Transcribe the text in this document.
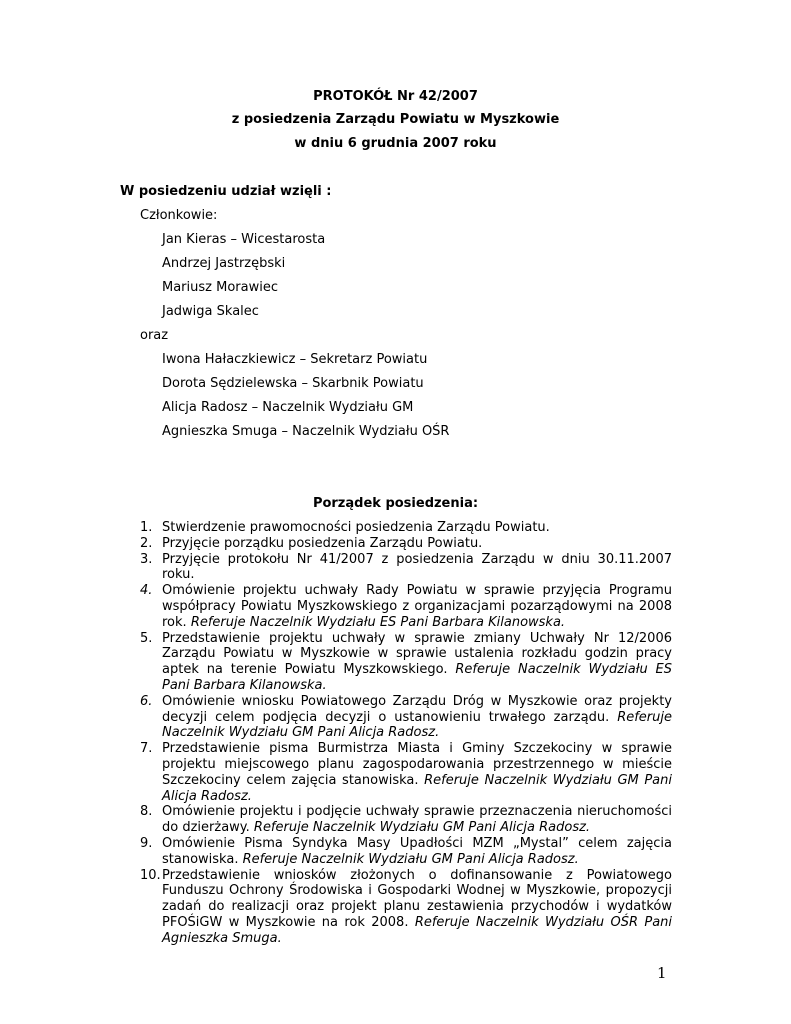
PROTOKÓŁ Nr 42/2007
z posiedzenia Zarządu Powiatu w Myszkowie
w dniu 6 grudnia 2007 roku
W posiedzeniu udział wzięli :
Członkowie:
Jan Kieras – Wicestarosta
Andrzej Jastrzębski
Mariusz Morawiec
Jadwiga Skalec
oraz
Iwona Hałaczkiewicz – Sekretarz Powiatu
Dorota Sędzielewska – Skarbnik Powiatu
Alicja Radosz – Naczelnik Wydziału GM
Agnieszka Smuga – Naczelnik Wydziału OŚR
Porządek posiedzenia:
1. Stwierdzenie prawomocności posiedzenia Zarządu Powiatu.
2. Przyjęcie porządku posiedzenia Zarządu Powiatu.
3. Przyjęcie protokołu Nr 41/2007 z posiedzenia Zarządu w dniu 30.11.2007 roku.
4. Omówienie projektu uchwały Rady Powiatu w sprawie przyjęcia Programu współpracy Powiatu Myszkowskiego z organizacjami pozarządowymi na 2008 rok. Referuje Naczelnik Wydziału ES Pani Barbara Kilanowska.
5. Przedstawienie projektu uchwały w sprawie zmiany Uchwały Nr 12/2006 Zarządu Powiatu w Myszkowie w sprawie ustalenia rozkładu godzin pracy aptek na terenie Powiatu Myszkowskiego. Referuje Naczelnik Wydziału ES Pani Barbara Kilanowska.
6. Omówienie wniosku Powiatowego Zarządu Dróg w Myszkowie oraz projekty decyzji celem podjęcia decyzji o ustanowieniu trwałego zarządu. Referuje Naczelnik Wydziału GM Pani Alicja Radosz.
7. Przedstawienie pisma Burmistrza Miasta i Gminy Szczekociny w sprawie projektu miejscowego planu zagospodarowania przestrzennego w mieście Szczekociny celem zajęcia stanowiska. Referuje Naczelnik Wydziału GM Pani Alicja Radosz.
8. Omówienie projektu i podjęcie uchwały sprawie przeznaczenia nieruchomości do dzierżawy. Referuje Naczelnik Wydziału GM Pani Alicja Radosz.
9. Omówienie Pisma Syndyka Masy Upadłości MZM „Mystal” celem zajęcia stanowiska. Referuje Naczelnik Wydziału GM Pani Alicja Radosz.
10. Przedstawienie wniosków złożonych o dofinansowanie z Powiatowego Funduszu Ochrony Środowiska i Gospodarki Wodnej w Myszkowie, propozycji zadań do realizacji oraz projekt planu zestawienia przychodów i wydatków PFOŚiGW w Myszkowie na rok 2008. Referuje Naczelnik Wydziału OŚR Pani Agnieszka Smuga.
1
